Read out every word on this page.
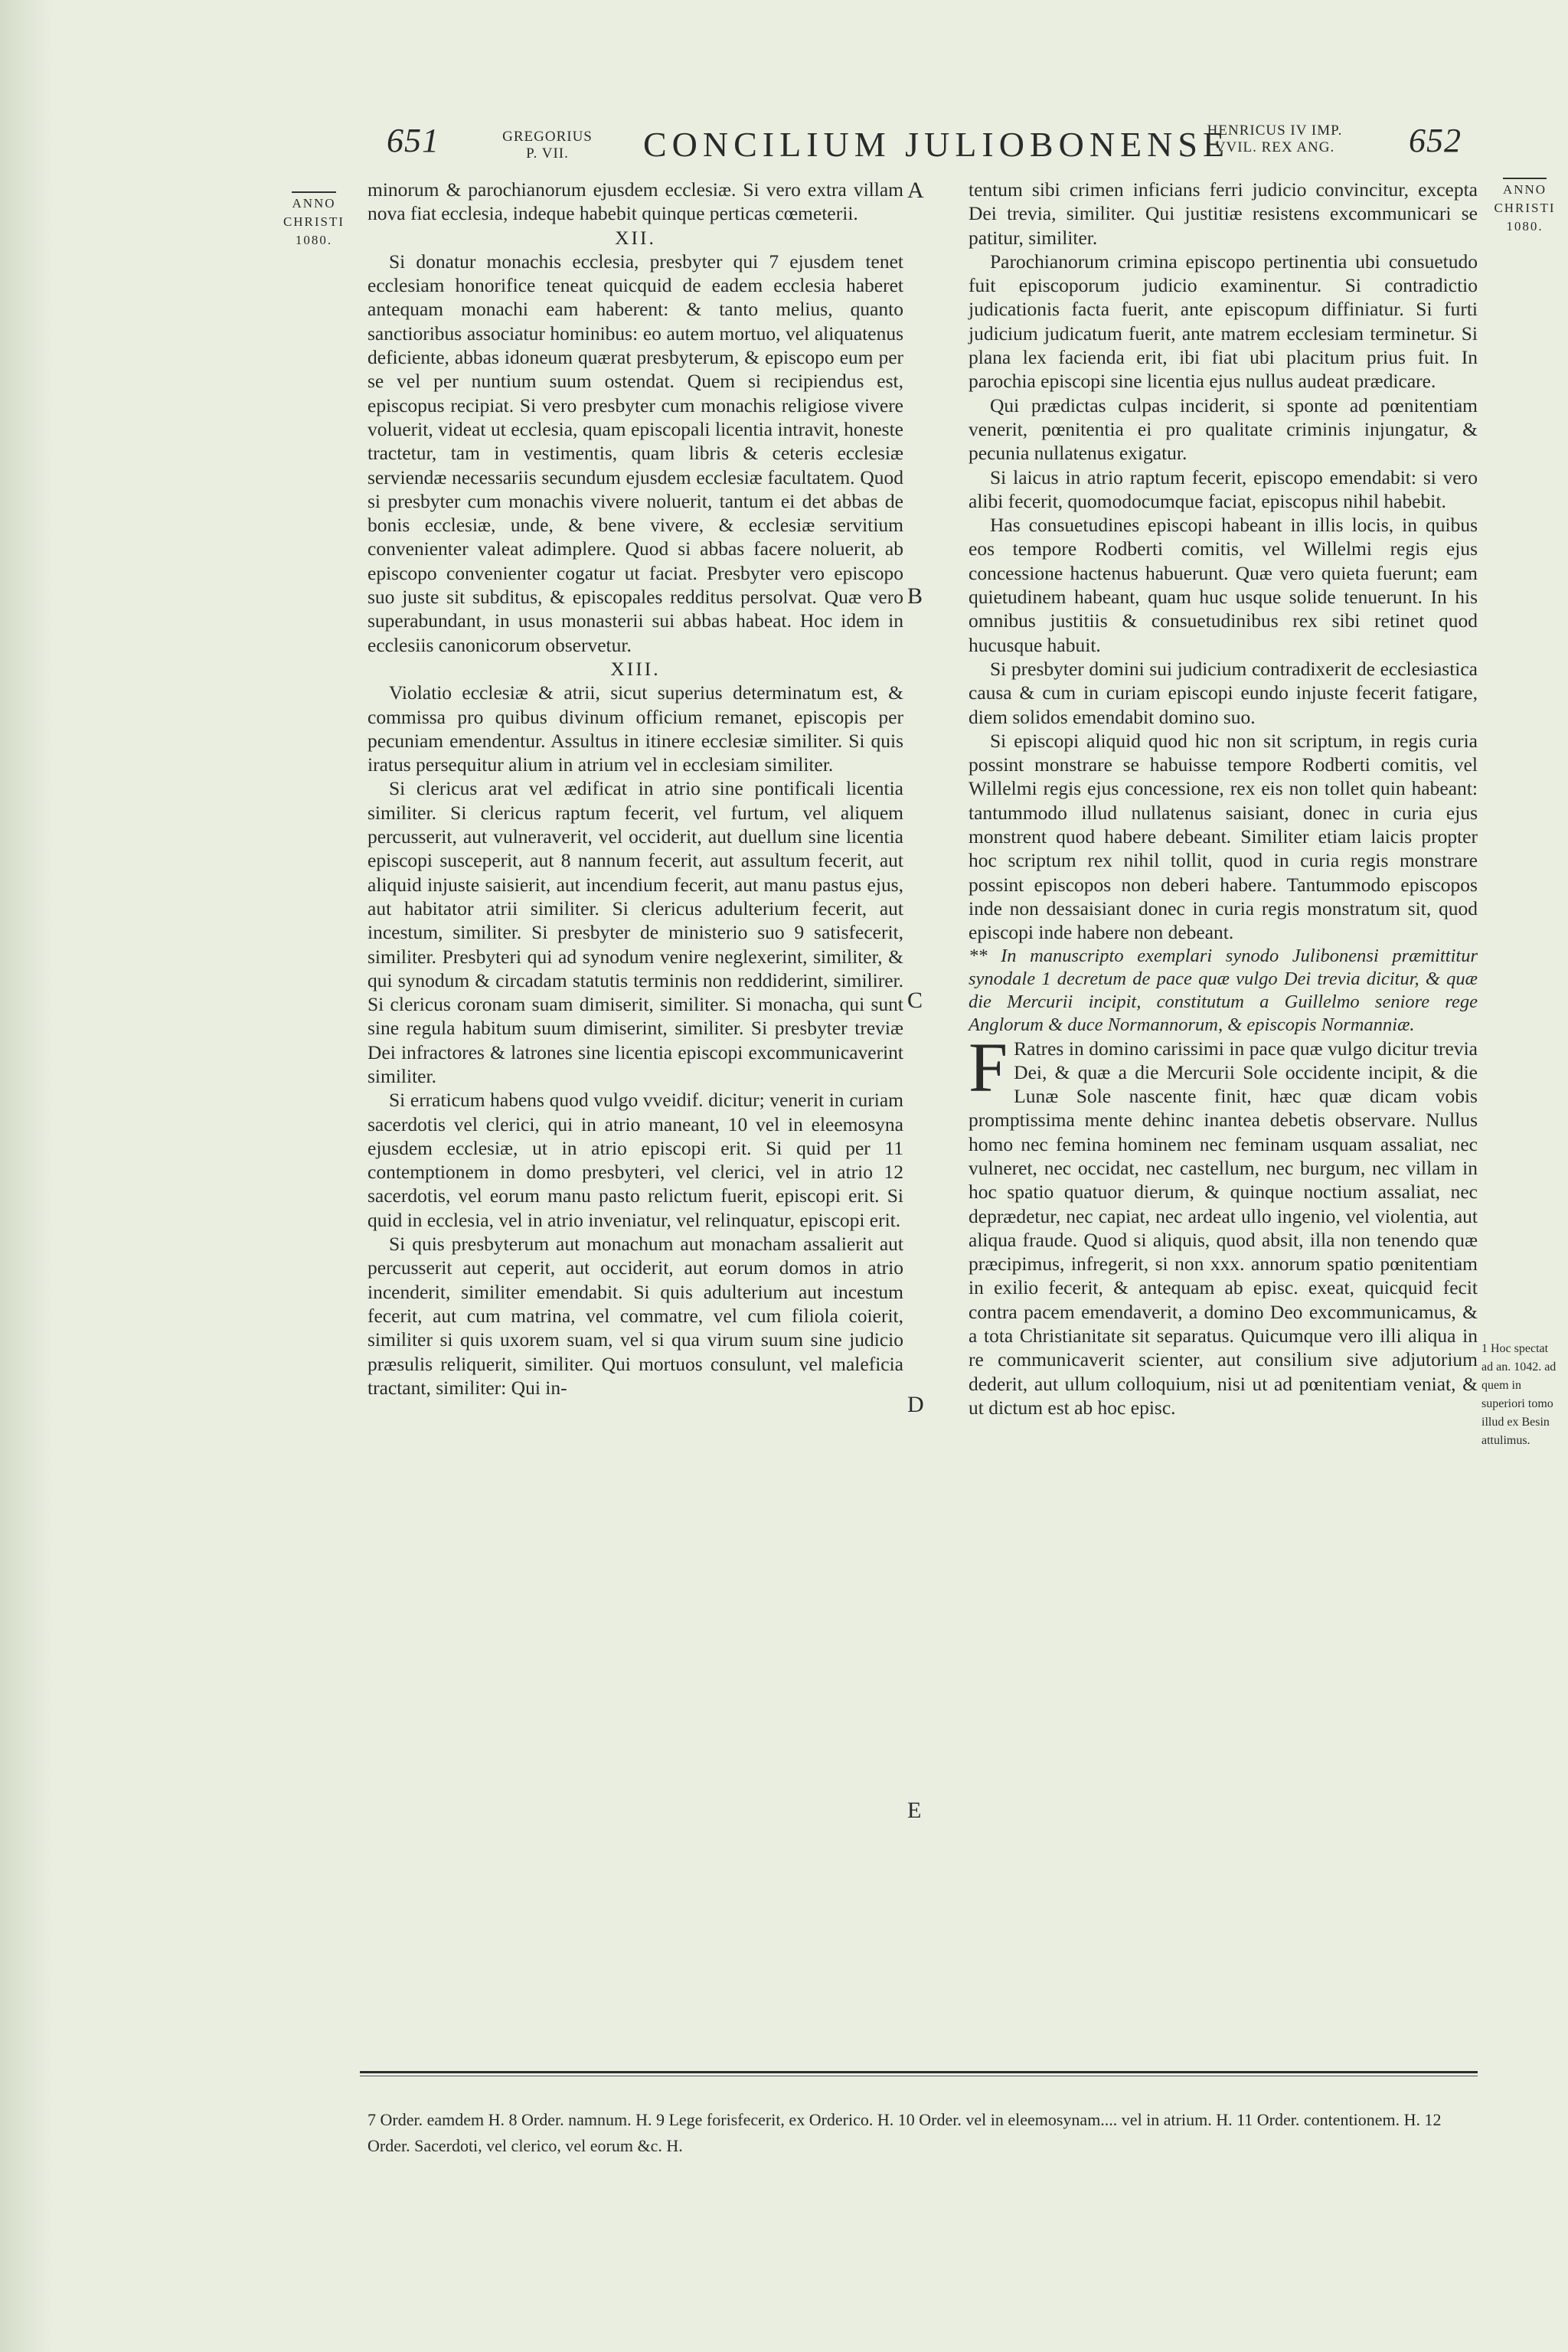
651	GREGORIUS
P. VII.	CONCILIUM JULIOBONENSE
HENRICUS IV IMP.
VVIL. REX ANG.	652
ANNO
CHRISTI
1080.
ANNO
CHRISTI
1080.

minorum & parochianorum ejusdem ecclesiæ. Si vero extra villam nova fiat ecclesia, indeque habebit quinque perticas cœmeterii.

XII.

Si donatur monachis ecclesia, presbyter qui 7 ejusdem tenet ecclesiam honorifice teneat quicquid de eadem ecclesia haberet antequam monachi eam haberent: & tanto melius, quanto sanctioribus associatur hominibus: eo autem mortuo, vel aliquatenus deficiente, abbas idoneum quærat presbyterum, & episcopo eum per se vel per nuntium suum ostendat. Quem si recipiendus est, episcopus recipiat. Si vero presbyter cum monachis religiose vivere voluerit, videat ut ecclesia, quam episcopali licentia intravit, honeste tractetur, tam in vestimentis, quam libris & ceteris ecclesiæ serviendæ necessariis secundum ejusdem ecclesiæ facultatem. Quod si presbyter cum monachis vivere noluerit, tantum ei det abbas de bonis ecclesiæ, unde, & bene vivere, & ecclesiæ servitium convenienter valeat adimplere. Quod si abbas facere noluerit, ab episcopo convenienter cogatur ut faciat. Presbyter vero episcopo suo juste sit subditus, & episcopales redditus persolvat. Quæ vero superabundant, in usus monasterii sui abbas habeat. Hoc idem in ecclesiis canonicorum observetur.

XIII.

Violatio ecclesiæ & atrii, sicut superius determinatum est, & commissa pro quibus divinum officium remanet, episcopis per pecuniam emendentur. Assultus in itinere ecclesiæ similiter. Si quis iratus persequitur alium in atrium vel in ecclesiam similiter.

Si clericus arat vel ædificat in atrio sine pontificali licentia similiter. Si clericus raptum fecerit, vel furtum, vel aliquem percusserit, aut vulneraverit, vel occiderit, aut duellum sine licentia episcopi susceperit, aut 8 nannum fecerit, aut assultum fecerit, aut aliquid injuste saisierit, aut incendium fecerit, aut manu pastus ejus, aut habitator atrii similiter. Si clericus adulterium fecerit, aut incestum, similiter. Si presbyter de ministerio suo 9 satisfecerit, similiter. Presbyteri qui ad synodum venire neglexerint, similiter, & qui synodum & circadam statutis terminis non reddiderint, similirer. Si clericus coronam suam dimiserit, similiter. Si monacha, qui sunt sine regula habitum suum dimiserint, similiter. Si presbyter treviæ Dei infractores & latrones sine licentia episcopi excommunicaverint similiter.

Si erraticum habens quod vulgo vveidif. dicitur; venerit in curiam sacerdotis vel clerici, qui in atrio maneant, 10 vel in eleemosyna ejusdem ecclesiæ, ut in atrio episcopi erit. Si quid per 11 contemptionem in domo presbyteri, vel clerici, vel in atrio 12 sacerdotis, vel eorum manu pasto relictum fuerit, episcopi erit. Si quid in ecclesia, vel in atrio inveniatur, vel relinquatur, episcopi erit.

Si quis presbyterum aut monachum aut monacham assalierit aut percusserit aut ceperit, aut occiderit, aut eorum domos in atrio incenderit, similiter emendabit. Si quis adulterium aut incestum fecerit, aut cum matrina, vel commatre, vel cum filiola coierit, similiter si quis uxorem suam, vel si qua virum suum sine judicio præsulis reliquerit, similiter. Qui mortuos consulunt, vel maleficia tractant, similiter: Qui in-

A
B
C
D
E

tentum sibi crimen inficians ferri judicio convincitur, excepta Dei trevia, similiter. Qui justitiæ resistens excommunicari se patitur, similiter.

Parochianorum crimina episcopo pertinentia ubi consuetudo fuit episcoporum judicio examinentur. Si contradictio judicationis facta fuerit, ante episcopum diffiniatur. Si furti judicium judicatum fuerit, ante matrem ecclesiam terminetur. Si plana lex facienda erit, ibi fiat ubi placitum prius fuit. In parochia episcopi sine licentia ejus nullus audeat prædicare.

Qui prædictas culpas inciderit, si sponte ad pœnitentiam venerit, pœnitentia ei pro qualitate criminis injungatur, & pecunia nullatenus exigatur.

Si laicus in atrio raptum fecerit, episcopo emendabit: si vero alibi fecerit, quomodocumque faciat, episcopus nihil habebit.

Has consuetudines episcopi habeant in illis locis, in quibus eos tempore Rodberti comitis, vel Willelmi regis ejus concessione hactenus habuerunt. Quæ vero quieta fuerunt; eam quietudinem habeant, quam huc usque solide tenuerunt. In his omnibus justitiis & consuetudinibus rex sibi retinet quod hucusque habuit.

Si presbyter domini sui judicium contradixerit de ecclesiastica causa & cum in curiam episcopi eundo injuste fecerit fatigare, diem solidos emendabit domino suo.

Si episcopi aliquid quod hic non sit scriptum, in regis curia possint monstrare se habuisse tempore Rodberti comitis, vel Willelmi regis ejus concessione, rex eis non tollet quin habeant: tantummodo illud nullatenus saisiant, donec in curia ejus monstrent quod habere debeant. Similiter etiam laicis propter hoc scriptum rex nihil tollit, quod in curia regis monstrare possint episcopos non deberi habere. Tantummodo episcopos inde non dessaisiant donec in curia regis monstratum sit, quod episcopi inde habere non debeant.

** In manuscripto exemplari synodo Julibonensi præmittitur synodale 1 decretum de pace quæ vulgo Dei trevia dicitur, & quæ die Mercurii incipit, constitutum a Guillelmo seniore rege Anglorum & duce Normannorum, & episcopis Normanniæ.

F Ratres in domino carissimi in pace quæ vulgo dicitur trevia Dei, & quæ a die Mercurii Sole occidente incipit, & die Lunæ Sole nascente finit, hæc quæ dicam vobis promptissima mente dehinc inantea debetis observare. Nullus homo nec femina hominem nec feminam usquam assaliat, nec vulneret, nec occidat, nec castellum, nec burgum, nec villam in hoc spatio quatuor dierum, & quinque noctium assaliat, nec deprædetur, nec capiat, nec ardeat ullo ingenio, vel violentia, aut aliqua fraude. Quod si aliquis, quod absit, illa non tenendo quæ præcipimus, infregerit, si non xxx. annorum spatio pœnitentiam in exilio fecerit, & antequam ab episc. exeat, quicquid fecit contra pacem emendaverit, a domino Deo excommunicamus, & a tota Christianitate sit separatus. Quicumque vero illi aliqua in re communicaverit scienter, aut consilium sive adjutorium dederit, aut ullum colloquium, nisi ut ad pœnitentiam veniat, & ut dictum est ab hoc episc.

1 Hoc spectat ad an. 1042. ad quem in superiori tomo illud ex Besin attulimus.
7 Order. eamdem H. 8 Order. namnum. H. 9 Lege forisfecerit, ex Orderico. H. 10 Order. vel in eleemosynam.... vel in atrium. H. 11 Order. contentionem. H. 12 Order. Sacerdoti, vel clerico, vel eorum &c. H.
